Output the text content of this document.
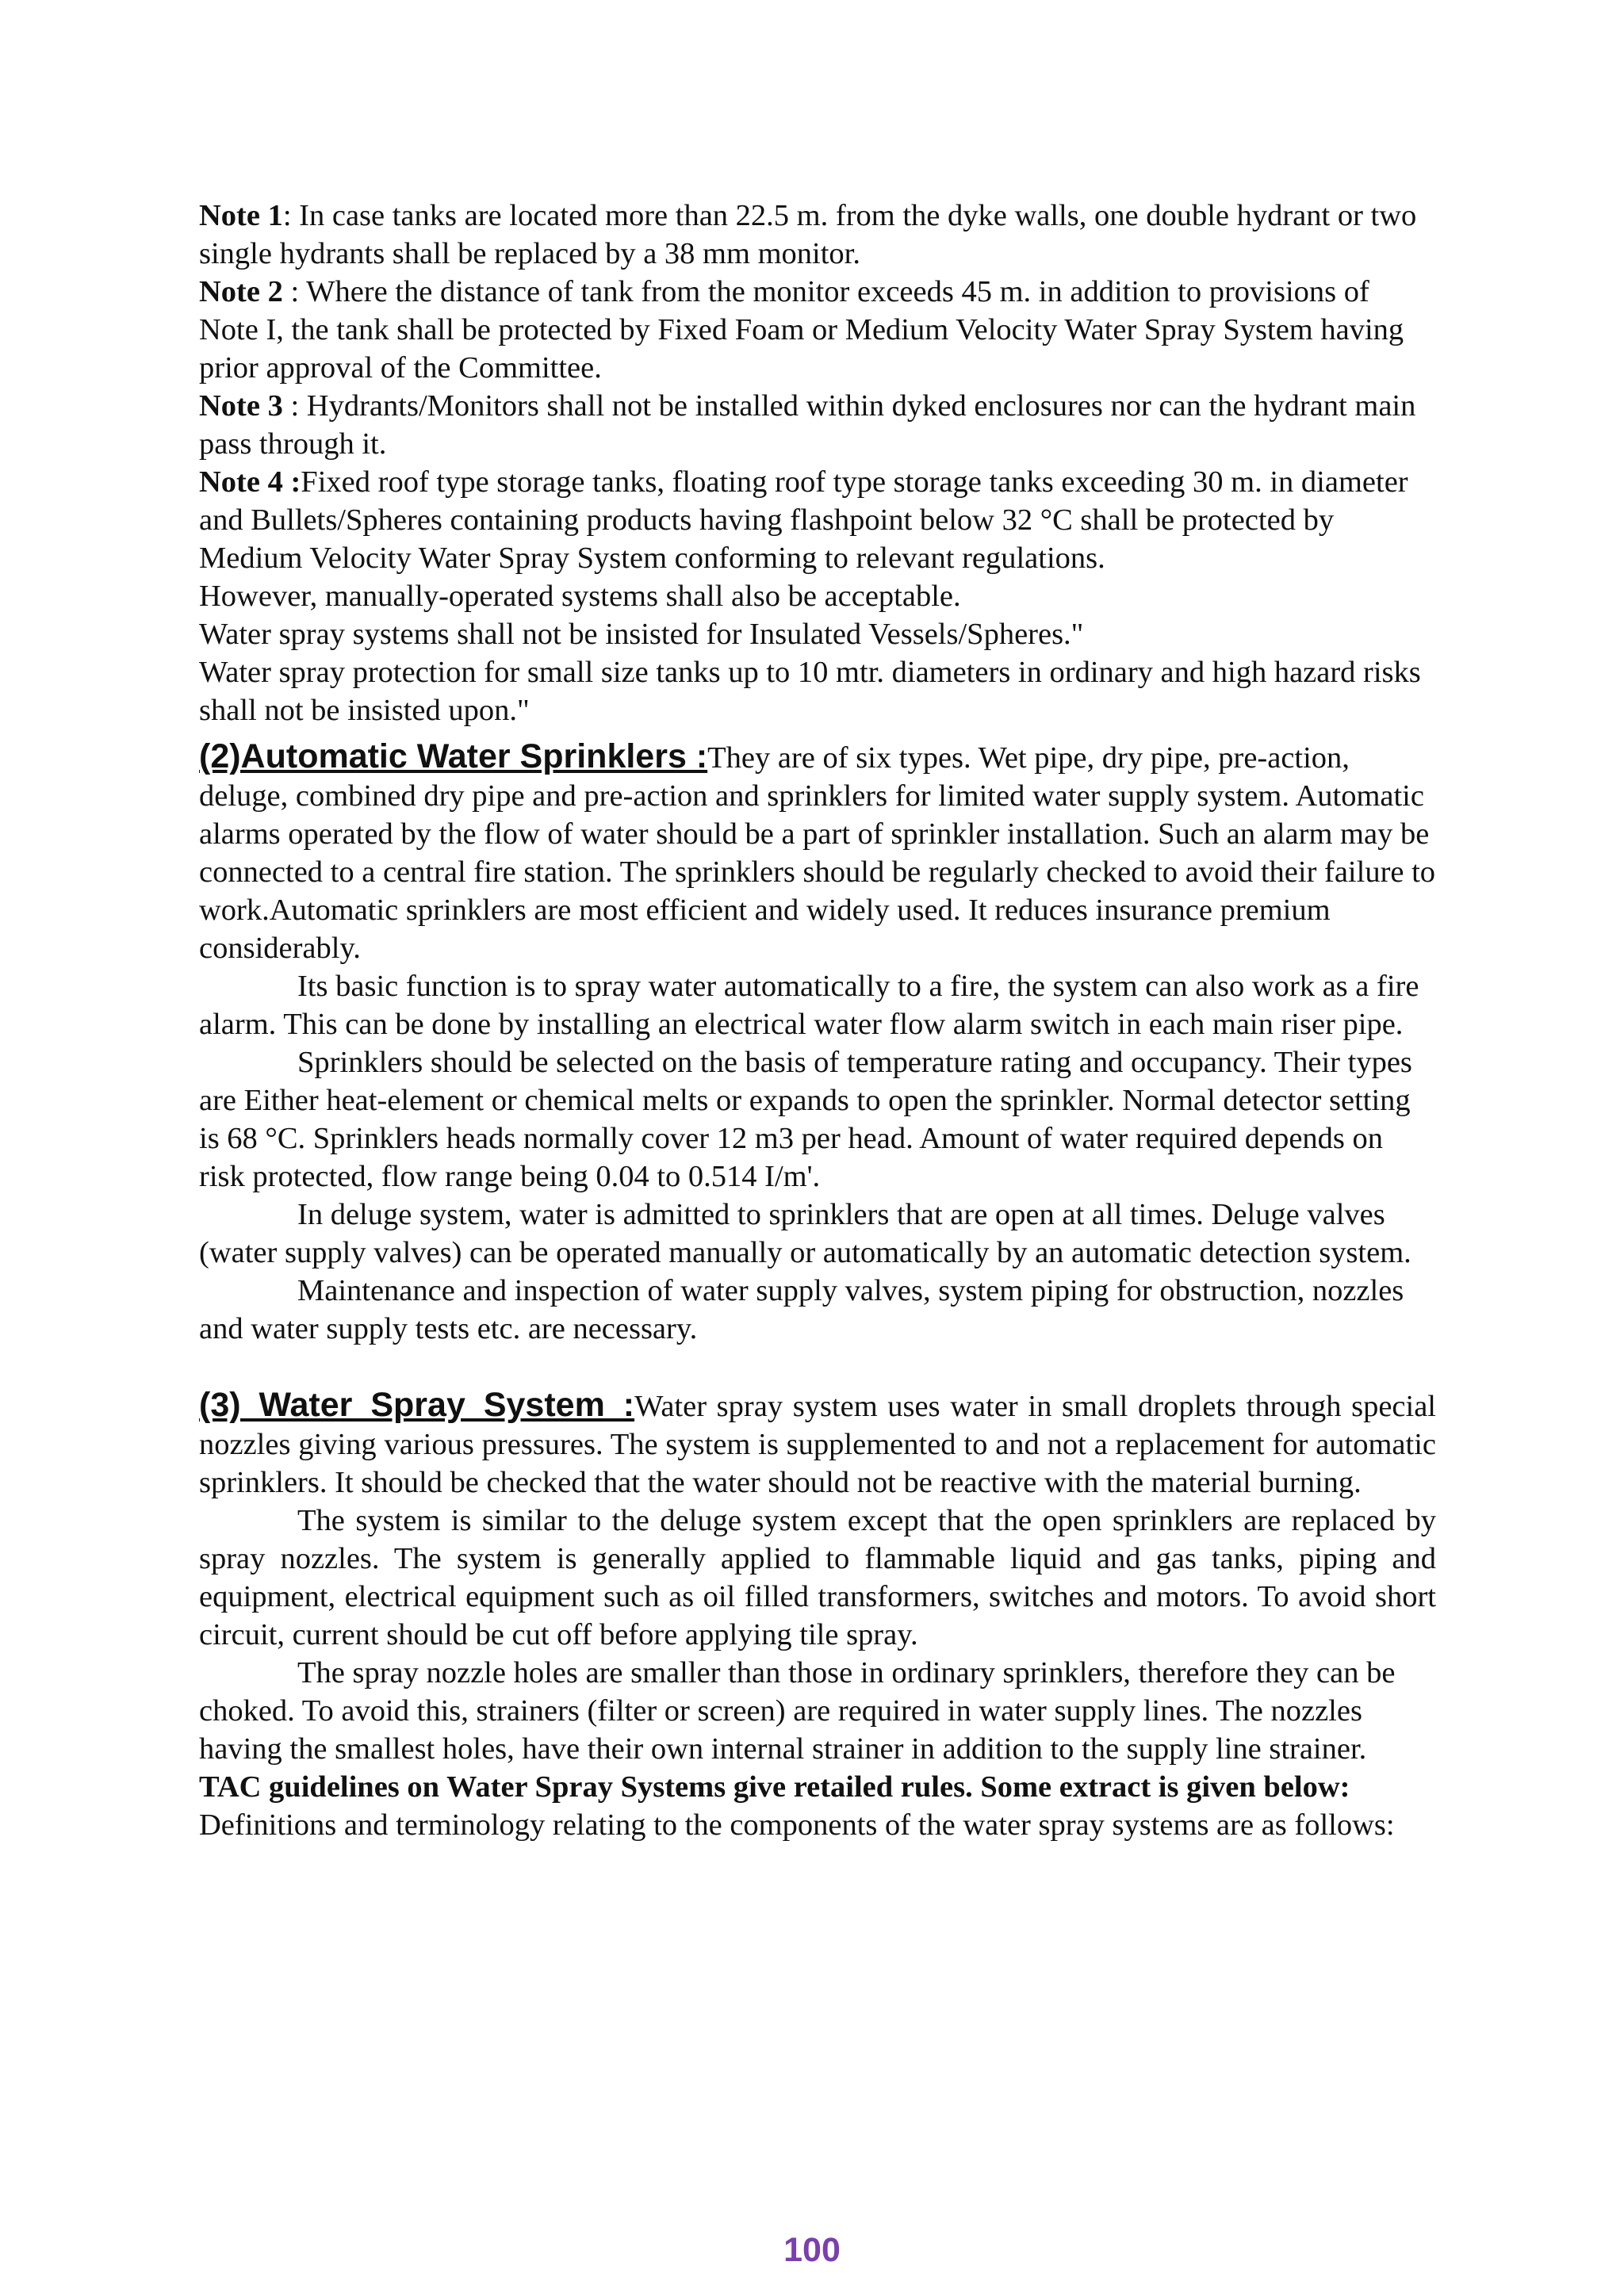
Note 1: In case tanks are located more than 22.5 m. from the dyke walls, one double hydrant or two single hydrants shall be replaced by a 38 mm monitor.

Note 2 : Where the distance of tank from the monitor exceeds 45 m. in addition to provisions of Note I, the tank shall be protected by Fixed Foam or Medium Velocity Water Spray System having prior approval of the Committee.

Note 3 : Hydrants/Monitors shall not be installed within dyked enclosures nor can the hydrant main pass through it.

Note 4 :Fixed roof type storage tanks, floating roof type storage tanks exceeding 30 m. in diameter and Bullets/Spheres containing products having flashpoint below 32 °C shall be protected by Medium Velocity Water Spray System conforming to relevant regulations.

However, manually-operated systems shall also be acceptable.

Water spray systems shall not be insisted for Insulated Vessels/Spheres."

Water spray protection for small size tanks up to 10 mtr. diameters in ordinary and high hazard risks shall not be insisted upon."

(2)Automatic Water Sprinklers :They are of six types. Wet pipe, dry pipe, pre-action, deluge, combined dry pipe and pre-action and sprinklers for limited water supply system. Automatic alarms operated by the flow of water should be a part of sprinkler installation. Such an alarm may be connected to a central fire station. The sprinklers should be regularly checked to avoid their failure to work.Automatic sprinklers are most efficient and widely used. It reduces insurance premium considerably.

Its basic function is to spray water automatically to a fire, the system can also work as a fire alarm. This can be done by installing an electrical water flow alarm switch in each main riser pipe.

Sprinklers should be selected on the basis of temperature rating and occupancy. Their types are Either heat-element or chemical melts or expands to open the sprinkler. Normal detector setting is 68 °C. Sprinklers heads normally cover 12 m3 per head. Amount of water required depends on risk protected, flow range being 0.04 to 0.514 I/m'.

In deluge system, water is admitted to sprinklers that are open at all times. Deluge valves (water supply valves) can be operated manually or automatically by an automatic detection system.

Maintenance and inspection of water supply valves, system piping for obstruction, nozzles and water supply tests etc. are necessary.

(3) Water Spray System :Water spray system uses water in small droplets through special nozzles giving various pressures. The system is supplemented to and not a replacement for automatic sprinklers. It should be checked that the water should not be reactive with the material burning.

The system is similar to the deluge system except that the open sprinklers are replaced by spray nozzles. The system is generally applied to flammable liquid and gas tanks, piping and equipment, electrical equipment such as oil filled transformers, switches and motors. To avoid short circuit, current should be cut off before applying tile spray.

The spray nozzle holes are smaller than those in ordinary sprinklers, therefore they can be choked. To avoid this, strainers (filter or screen) are required in water supply lines. The nozzles having the smallest holes, have their own internal strainer in addition to the supply line strainer.

TAC guidelines on Water Spray Systems give retailed rules. Some extract is given below:

Definitions and terminology relating to the components of the water spray systems are as follows:

100
